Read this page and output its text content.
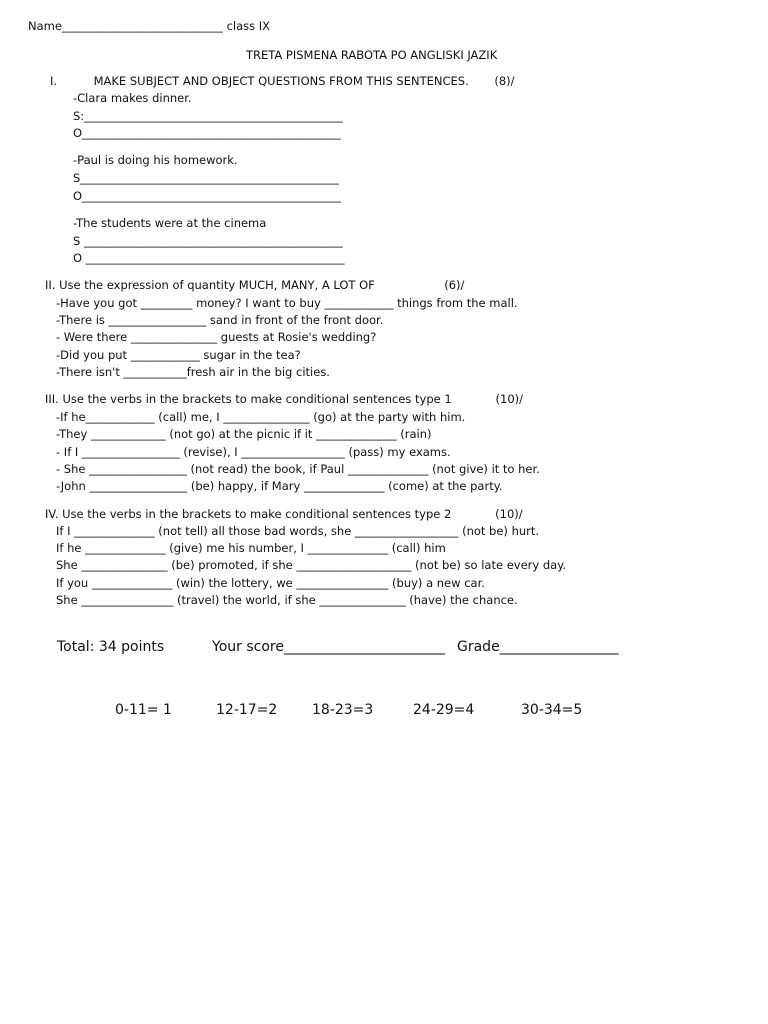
Name____________________________ class IX
TRETA PISMENA RABOTA PO ANGLISKI JAZIK
I.          MAKE SUBJECT AND OBJECT QUESTIONS FROM THIS SENTENCES.       (8)/
-Clara makes dinner.
S:_____________________________________________
O_____________________________________________
-Paul is doing his homework.
S_____________________________________________
O_____________________________________________
-The students were at the cinema
S _____________________________________________
O _____________________________________________
II. Use the expression of quantity MUCH, MANY, A LOT OF                   (6)/
-Have you got _________ money? I want to buy ____________ things from the mall.
-There is _________________ sand in front of the front door.
- Were there _______________ guests at Rosie's wedding?
-Did you put ____________ sugar in the tea?
-There isn't ___________fresh air in the big cities.
III. Use the verbs in the brackets to make conditional sentences type 1            (10)/
-If he____________ (call) me, I _______________ (go) at the party with him.
-They _____________ (not go) at the picnic if it ______________ (rain)
- If I _________________ (revise), I __________________ (pass) my exams.
- She _________________ (not read) the book, if Paul ______________ (not give) it to her.
-John _________________ (be) happy, if Mary ______________ (come) at the party.
IV. Use the verbs in the brackets to make conditional sentences type 2            (10)/
If I ______________ (not tell) all those bad words, she __________________ (not be) hurt.
If he ______________ (give) me his number, I ______________ (call) him
She _______________ (be) promoted, if she ____________________ (not be) so late every day.
If you ______________ (win) the lottery, we ________________ (buy) a new car.
She ________________ (travel) the world, if she _______________ (have) the chance.
Total: 34 points	Your score_______________________ Grade_________________
0-11= 1	12-17=2 18-23=3	24-29=4	30-34=5
